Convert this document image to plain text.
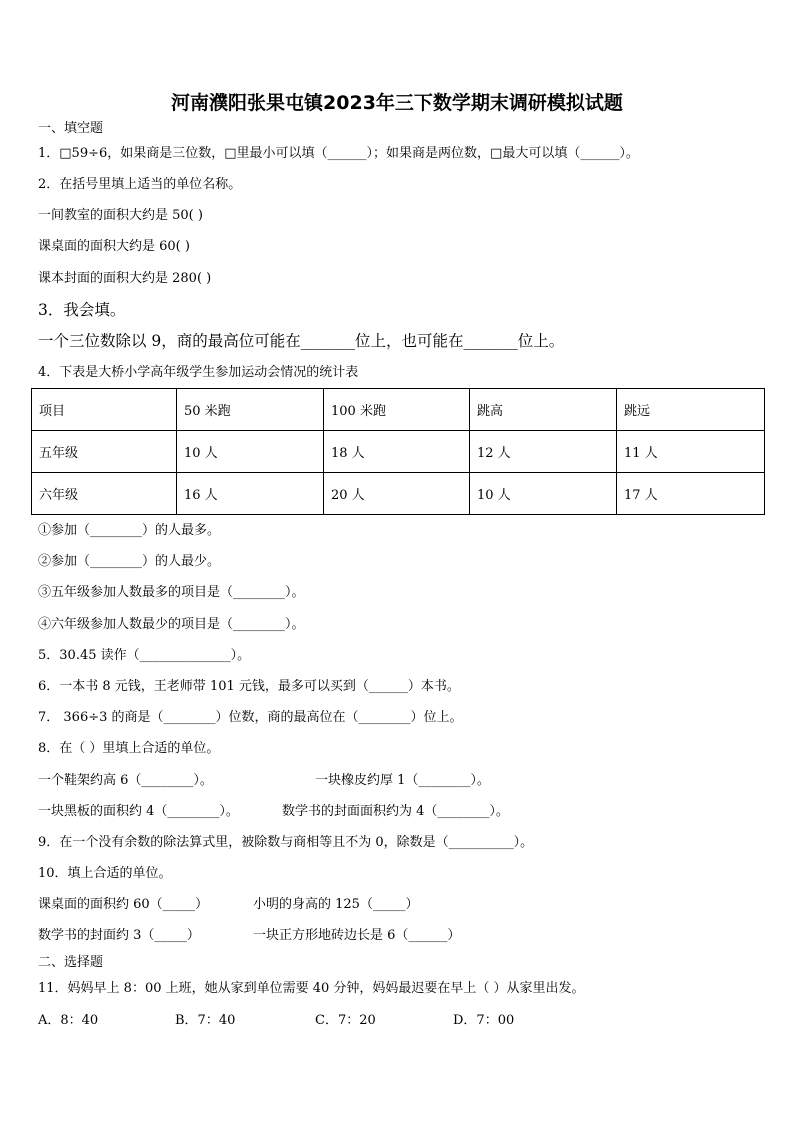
河南濮阳张果屯镇2023年三下数学期末调研模拟试题
一、填空题
1．□59÷6，如果商是三位数，□里最小可以填（______）；如果商是两位数，□最大可以填（______）。
2．在括号里填上适当的单位名称。
一间教室的面积大约是 50( )
课桌面的面积大约是 60( )
课本封面的面积大约是 280( )
3．我会填。
一个三位数除以 9，商的最高位可能在_______位上，也可能在_______位上。
4．下表是大桥小学高年级学生参加运动会情况的统计表
项目	50 米跑	100 米跑	跳高	跳远
五年级	10 人	18 人	12 人	11 人
六年级	16 人	20 人	10 人	17 人
①参加（________）的人最多。
②参加（________）的人最少。
③五年级参加人数最多的项目是（________）。
④六年级参加人数最少的项目是（________）。
5．30.45 读作（______________）。
6．一本书 8 元钱，王老师带 101 元钱，最多可以买到（______）本书。
7． 366÷3 的商是（________）位数，商的最高位在（________）位上。
8．在（ ）里填上合适的单位。
一个鞋架约高 6（________）。	一块橡皮约厚 1（________）。
一块黑板的面积约 4（________）。	数学书的封面面积约为 4（________）。
9．在一个没有余数的除法算式里，被除数与商相等且不为 0，除数是（__________）。
10．填上合适的单位。
课桌面的面积约 60（_____）	小明的身高的 125（_____）
数学书的封面约 3（_____）	一块正方形地砖边长是 6（______）
二、选择题
11．妈妈早上 8：00 上班，她从家到单位需要 40 分钟，妈妈最迟要在早上（ ）从家里出发。
A．8：40	B．7：40	C．7：20	D．7：00
